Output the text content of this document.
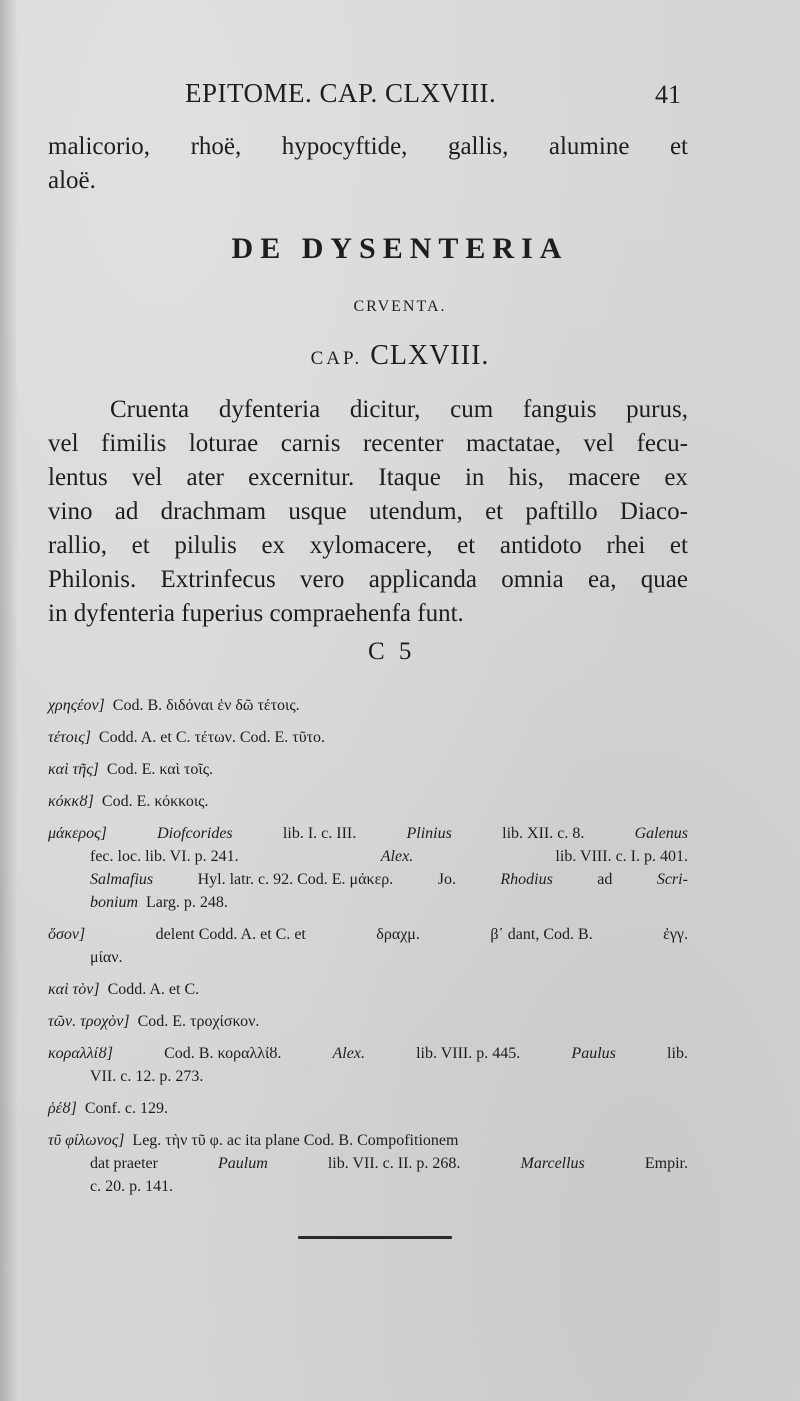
EPITOME. CAP. CLXVIII.	41
malicorio, rhoë, hypocyftide, gallis, alumine et
aloë.
DE DYSENTERIA
CRVENTA.
CAP. CLXVIII.
Cruenta dyfenteria dicitur, cum fanguis purus,
vel fimilis loturae carnis recenter mactatae, vel fecu-
lentus vel ater excernitur. Itaque in his, macere ex
vino ad drachmam usque utendum, et paftillo Diaco-
rallio, et pilulis ex xylomacere, et antidoto rhei et
Philonis. Extrinfecus vero applicanda omnia ea, quae
in dyfenteria fuperius compraehenfa funt.
C 5
χρηςέον] Cod. B. διδόναι ἐν δῶ τέτοις.
τέτοις] Codd. A. et C. τέτων. Cod. E. τῦτο.
καὶ τῆς] Cod. E. καὶ τοῖς.
κόκκȣ] Cod. E. κόκκοις.
μάκερος]	Diofcorides	lib. I. c. III.	Plinius	lib. XII. c. 8.	Galenus
fec. loc. lib. VI. p. 241.	Alex.	lib. VIII. c. I. p. 401.
Salmafius	Hyl. latr. c. 92. Cod. E. μάκερ.	Jo.	Rhodius	ad	Scri-
bonium Larg. p. 248.
ὅσον]	delent Codd. A. et C. et	δραχμ.	β΄ dant, Cod. B.	ἐγγ.
μίαν.
καὶ τὸν] Codd. A. et C.
τῶν. τροχὸν] Cod. E. τροχίσκον.
κοραλλίȣ]	Cod. B. κοραλλίȣ.	Alex.	lib. VIII. p. 445.	Paulus	lib.
VII. c. 12. p. 273.
ῥέȣ] Conf. c. 129.
τῦ φίλωνος] Leg. τὴν τῦ φ. ac ita plane Cod. B. Compofitionem
dat praeter	Paulum	lib. VII. c. II. p. 268.	Marcellus	Empir.
c. 20. p. 141.
